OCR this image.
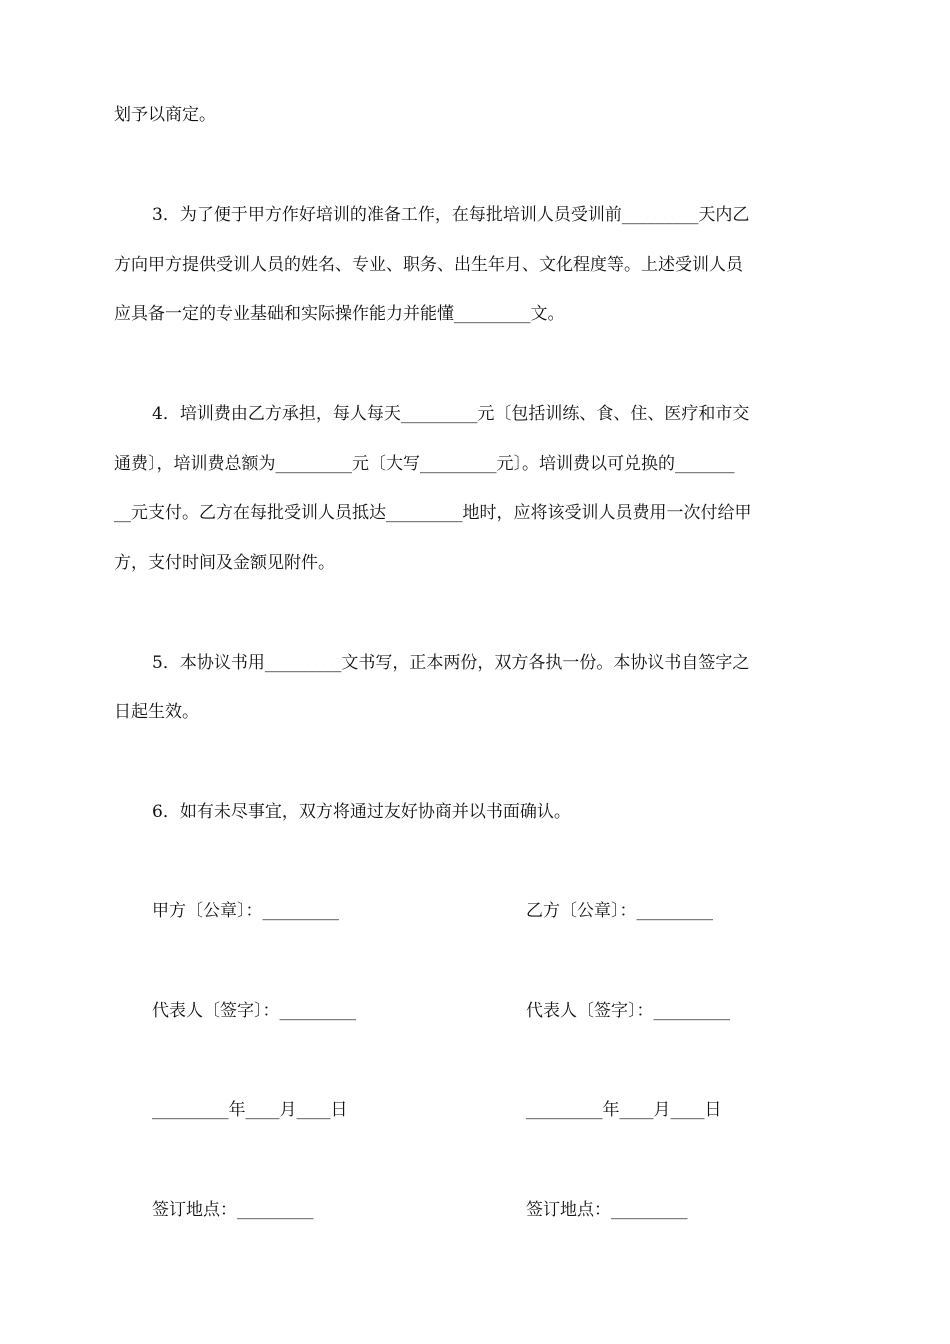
划予以商定。
3．为了便于甲方作好培训的准备工作，在每批培训人员受训前_________天内乙
方向甲方提供受训人员的姓名、专业、职务、出生年月、文化程度等。上述受训人员
应具备一定的专业基础和实际操作能力并能懂_________文。
4．培训费由乙方承担，每人每天_________元〔包括训练、食、住、医疗和市交
通费〕，培训费总额为_________元〔大写_________元〕。培训费以可兑换的_______
__元支付。乙方在每批受训人员抵达_________地时，应将该受训人员费用一次付给甲
方，支付时间及金额见附件。
5．本协议书用_________文书写，正本两份，双方各执一份。本协议书自签字之
日起生效。
6．如有未尽事宜，双方将通过友好协商并以书面确认。
甲方〔公章〕：_________	乙方〔公章〕：_________
代表人〔签字〕：_________	代表人〔签字〕：_________
_________年____月____日	_________年____月____日
签订地点：_________	签订地点：_________
